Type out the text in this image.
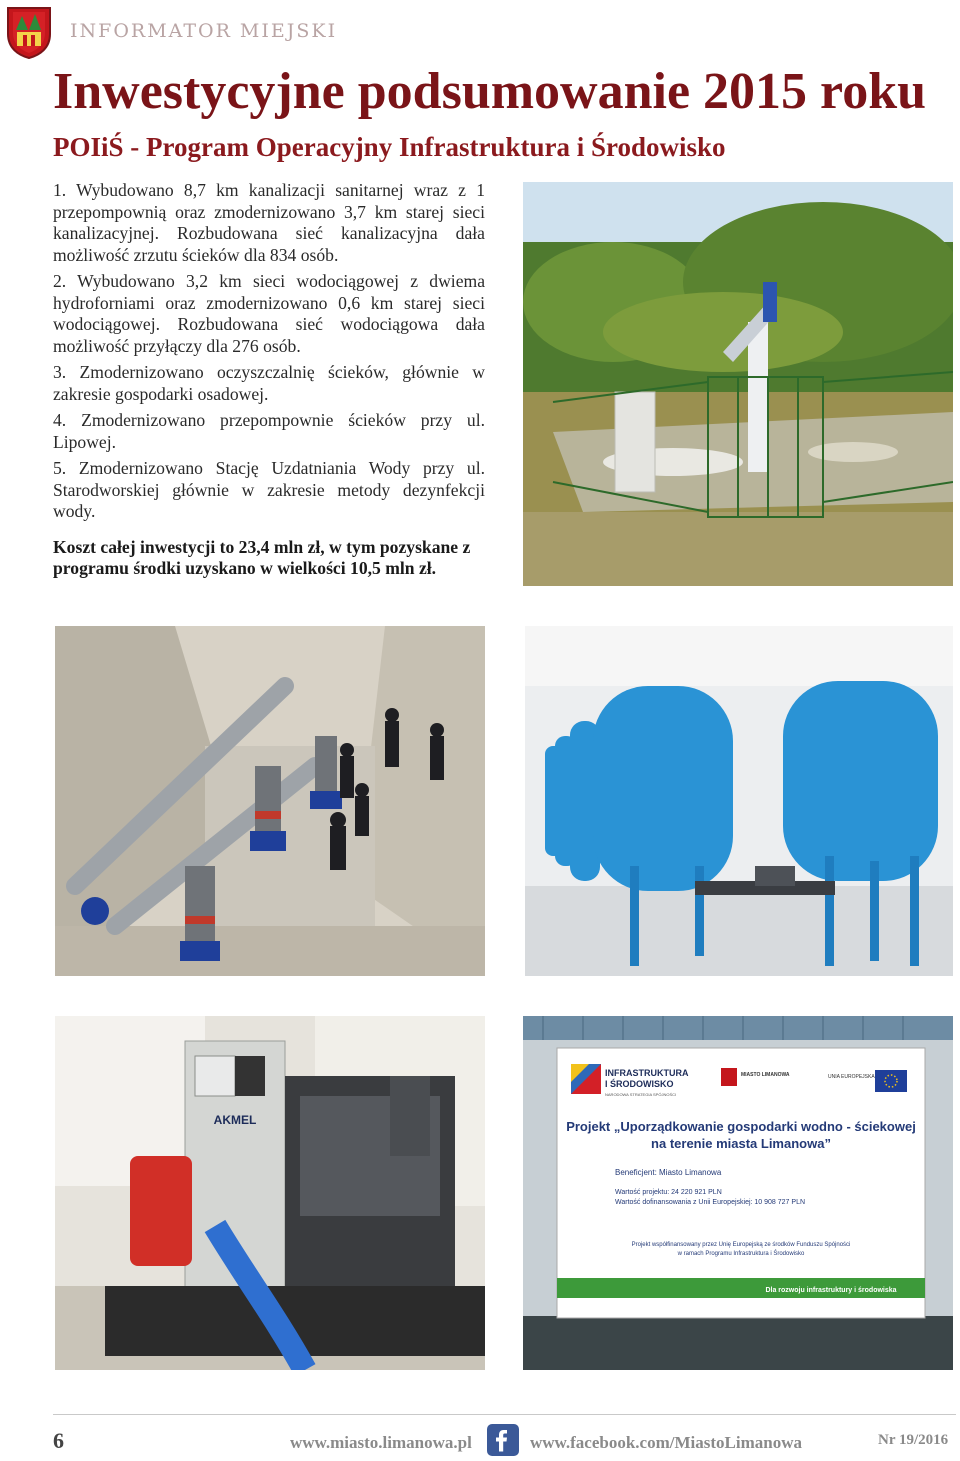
INFORMATOR MIEJSKI
Inwestycyjne podsumowanie 2015 roku
POIiŚ - Program Operacyjny Infrastruktura i Środowisko

1. Wybudowano 8,7 km kanalizacji sanitarnej wraz z 1 przepompownią oraz zmodernizowano 3,7 km starej sieci kanalizacyjnej. Rozbudowana sieć kanalizacyjna dała możliwość zrzutu ścieków dla 834 osób.

2. Wybudowano 3,2 km sieci wodociągowej z dwiema hydroforniami oraz zmodernizowano 0,6 km starej sieci wodociągowej. Rozbudowana sieć wodociągowa dała możliwość przyłączy dla 276 osób.

3. Zmodernizowano oczyszczalnię ścieków, głównie w zakresie gospodarki osadowej.

4. Zmodernizowano przepompownie ścieków przy ul. Lipowej.

5. Zmodernizowano Stację Uzdatniania Wody przy ul. Starodworskiej głównie w zakresie metody dezynfekcji wody.

Koszt całej inwestycji to 23,4 mln zł, w tym pozyskane z programu środki uzyskano w wielkości 10,5 mln zł.

AKMEL
INFRASTRUKTURA
I ŚRODOWISKO
NARODOWA STRATEGIA SPÓJNOŚCI
MIASTO LIMANOWA	UNIA EUROPEJSKA
Projekt „Uporządkowanie gospodarki wodno - ściekowej
na terenie miasta Limanowa”
Beneficjent: Miasto Limanowa
Wartość projektu: 24 220 921 PLN
Wartość dofinansowania z Unii Europejskiej: 10 908 727 PLN
Projekt współfinansowany przez Unię Europejską ze środków Funduszu Spójności
w ramach Programu Infrastruktura i Środowisko
Dla rozwoju infrastruktury i środowiska
6	www.miasto.limanowa.pl	www.facebook.com/MiastoLimanowa	Nr 19/2016
